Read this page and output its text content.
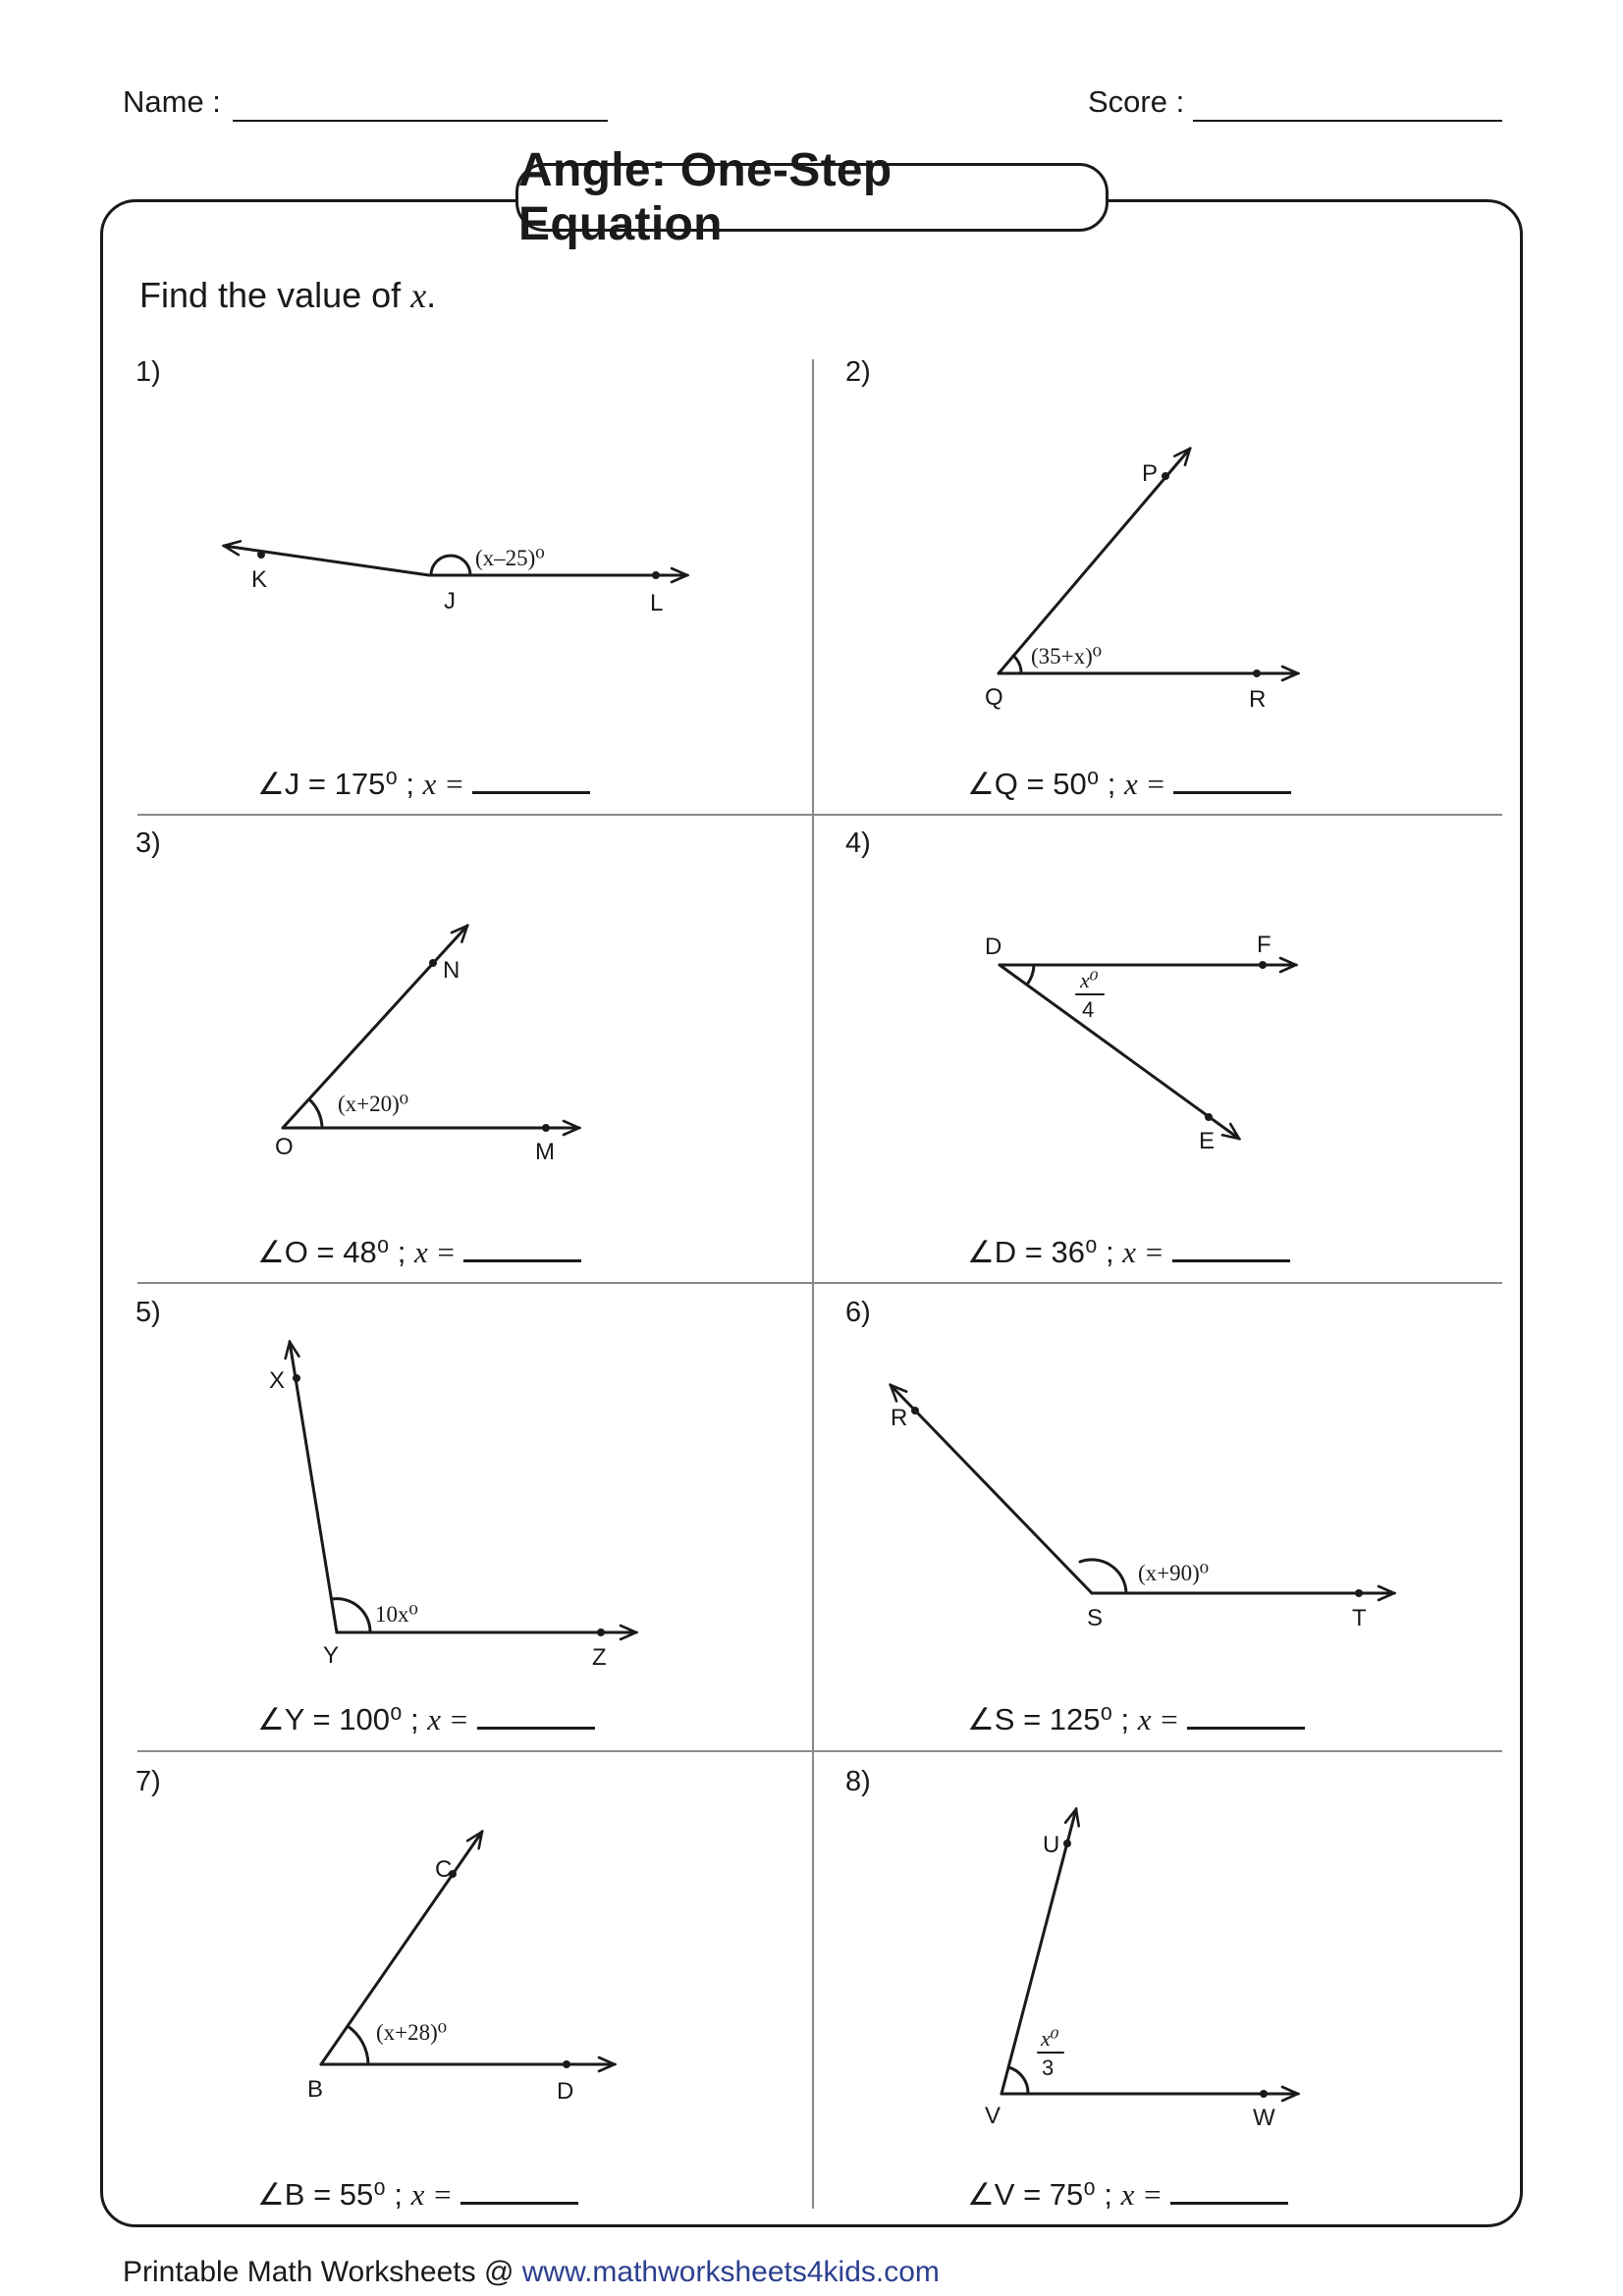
Name :	Score :
Angle: One-Step Equation
Find the value of x.
1)	2)
3)	4)
5)	6)
7)	8)
∠J = 175⁰ ; x =	∠Q = 50⁰ ; x =
∠O = 48⁰ ; x =	∠D = 36⁰ ; x =
∠Y = 100⁰ ; x =	∠S = 125⁰ ; x =
∠B = 55⁰ ; x =	∠V = 75⁰ ; x =
K
J	L
(x–25)⁰
P
Q	R
(35+x)⁰
N
O	M
(x+20)⁰
D	F
E
x⁰
4
X
Y	Z
10x⁰
R
S	T
(x+90)⁰
C
B	D
(x+28)⁰
U
V	W
x⁰
3
Printable Math Worksheets @ www.mathworksheets4kids.com
